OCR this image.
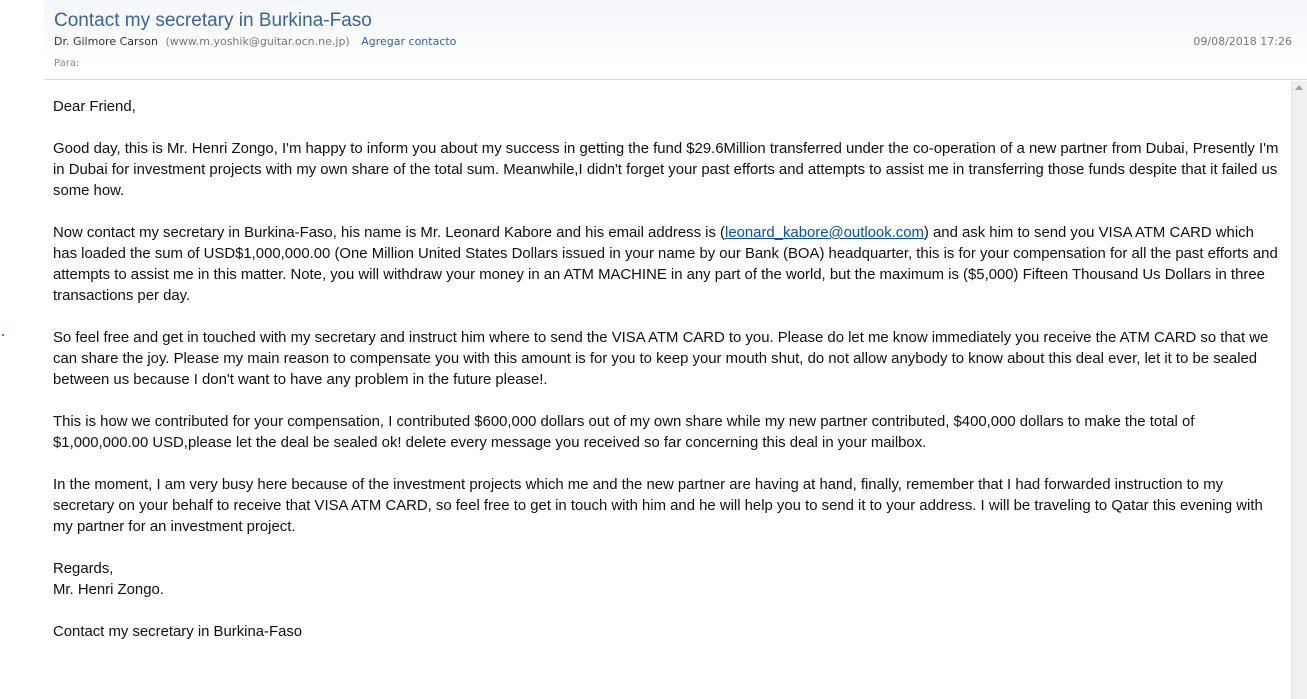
Contact my secretary in Burkina-Faso
Dr. Gilmore Carson (www.m.yoshik@guitar.ocn.ne.jp) Agregar contacto	09/08/2018 17:26
Para:

Dear Friend,

Good day, this is Mr. Henri Zongo, I'm happy to inform you about my success in getting the fund $29.6Million transferred under the co-operation of a new partner from Dubai, Presently I'm in Dubai for investment projects with my own share of the total sum. Meanwhile,I didn't forget your past efforts and attempts to assist me in transferring those funds despite that it failed us some how.

Now contact my secretary in Burkina-Faso, his name is Mr. Leonard Kabore and his email address is (leonard_kabore@outlook.com) and ask him to send you VISA ATM CARD which has loaded the sum of USD$1,000,000.00 (One Million United States Dollars issued in your name by our Bank (BOA) headquarter, this is for your compensation for all the past efforts and attempts to assist me in this matter. Note, you will withdraw your money in an ATM MACHINE in any part of the world, but the maximum is ($5,000) Fifteen Thousand Us Dollars in three transactions per day.

So feel free and get in touched with my secretary and instruct him where to send the VISA ATM CARD to you. Please do let me know immediately you receive the ATM CARD so that we can share the joy. Please my main reason to compensate you with this amount is for you to keep your mouth shut, do not allow anybody to know about this deal ever, let it to be sealed between us because I don't want to have any problem in the future please!.

This is how we contributed for your compensation, I contributed $600,000 dollars out of my own share while my new partner contributed, $400,000 dollars to make the total of $1,000,000.00 USD,please let the deal be sealed ok! delete every message you received so far concerning this deal in your mailbox.

In the moment, I am very busy here because of the investment projects which me and the new partner are having at hand, finally, remember that I had forwarded instruction to my secretary on your behalf to receive that VISA ATM CARD, so feel free to get in touch with him and he will help you to send it to your address. I will be traveling to Qatar this evening with my partner for an investment project.

Regards,

Mr. Henri Zongo.

Contact my secretary in Burkina-Faso
